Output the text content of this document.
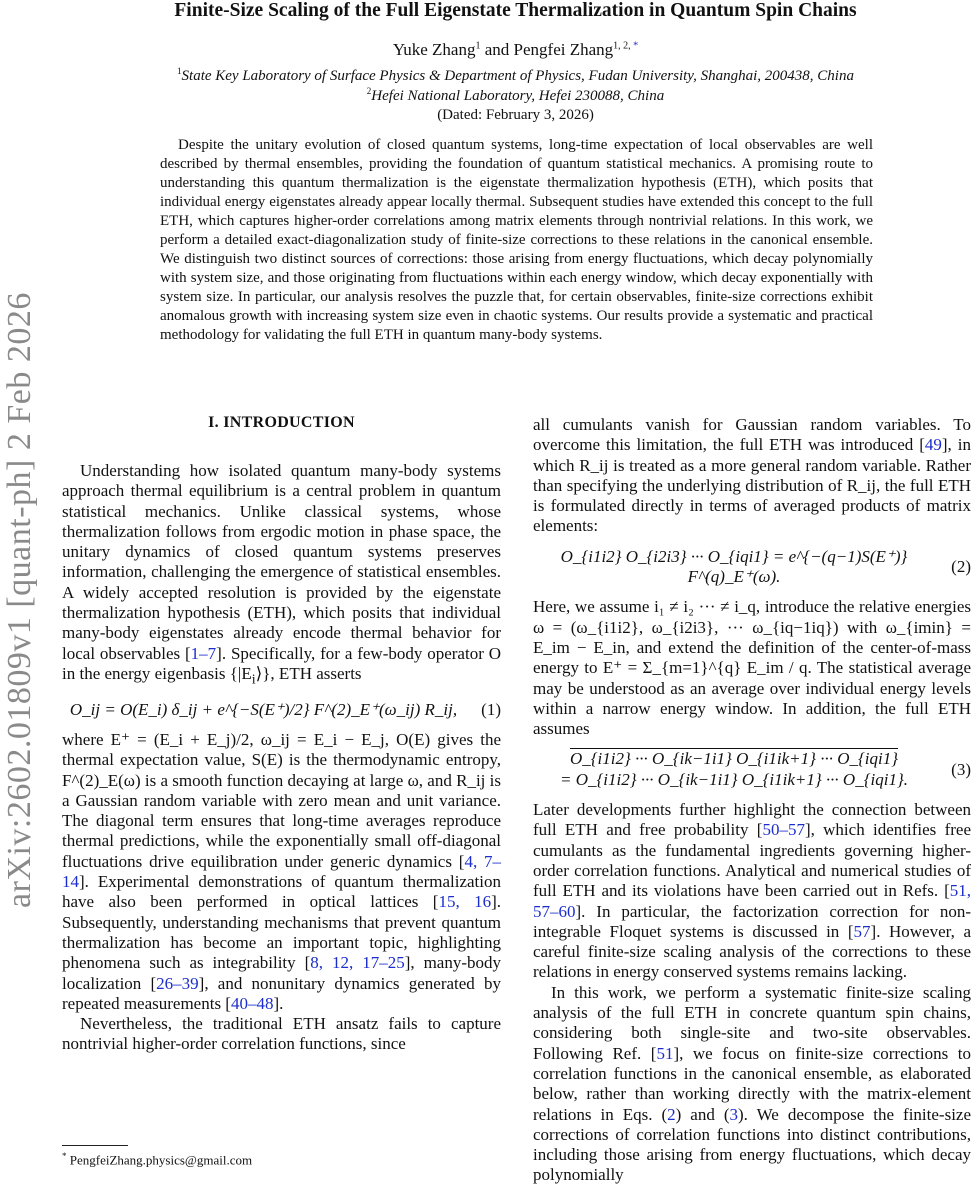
arXiv:2602.01809v1 [quant-ph] 2 Feb 2026
Finite-Size Scaling of the Full Eigenstate Thermalization in Quantum Spin Chains
Yuke Zhang$^1$ and Pengfei Zhang$^{1, 2, *}$
$^1$State Key Laboratory of Surface Physics & Department of Physics, Fudan University, Shanghai, 200438, China
$^2$Hefei National Laboratory, Hefei 230088, China
(Dated: February 3, 2026)
Despite the unitary evolution of closed quantum systems, long-time expectation of local observables are well described by thermal ensembles, providing the foundation of quantum statistical mechanics. A promising route to understanding this quantum thermalization is the eigenstate thermalization hypothesis (ETH), which posits that individual energy eigenstates already appear locally thermal. Subsequent studies have extended this concept to the full ETH, which captures higher-order correlations among matrix elements through nontrivial relations. In this work, we perform a detailed exact-diagonalization study of finite-size corrections to these relations in the canonical ensemble. We distinguish two distinct sources of corrections: those arising from energy fluctuations, which decay polynomially with system size, and those originating from fluctuations within each energy window, which decay exponentially with system size. In particular, our analysis resolves the puzzle that, for certain observables, finite-size corrections exhibit anomalous growth with increasing system size even in chaotic systems. Our results provide a systematic and practical methodology for validating the full ETH in quantum many-body systems.
I. INTRODUCTION

Understanding how isolated quantum many-body systems approach thermal equilibrium is a central problem in quantum statistical mechanics. Unlike classical systems, whose thermalization follows from ergodic motion in phase space, the unitary dynamics of closed quantum systems preserves information, challenging the emergence of statistical ensembles. A widely accepted resolution is provided by the eigenstate thermalization hypothesis (ETH), which posits that individual many-body eigenstates already encode thermal behavior for local observables [1–7]. Specifically, for a few-body operator O in the energy eigenbasis $\{|E_i⟩\}$, ETH asserts

O_ij = O(E_i) δ_ij + e^{−S(E⁺)/2} F^(2)_E⁺(ω_ij) R_ij,	(1)

where E⁺ = (E_i + E_j)/2, ω_ij = E_i − E_j, O(E) gives the thermal expectation value, S(E) is the thermodynamic entropy, F^(2)_E(ω) is a smooth function decaying at large ω, and R_ij is a Gaussian random variable with zero mean and unit variance. The diagonal term ensures that long-time averages reproduce thermal predictions, while the exponentially small off-diagonal fluctuations drive equilibration under generic dynamics [4, 7–14]. Experimental demonstrations of quantum thermalization have also been performed in optical lattices [15, 16]. Subsequently, understanding mechanisms that prevent quantum thermalization has become an important topic, highlighting phenomena such as integrability [8, 12, 17–25], many-body localization [26–39], and nonunitary dynamics generated by repeated measurements [40–48].

Nevertheless, the traditional ETH ansatz fails to capture nontrivial higher-order correlation functions, since

all cumulants vanish for Gaussian random variables. To overcome this limitation, the full ETH was introduced [49], in which R_ij is treated as a more general random variable. Rather than specifying the underlying distribution of R_ij, the full ETH is formulated directly in terms of averaged products of matrix elements:

O_{i1i2} O_{i2i3} ··· O_{iqi1} = e^{−(q−1)S(E⁺)} F^(q)_E⁺(ω).
(2)

Here, we assume i₁ ≠ i₂ ··· ≠ i_q, introduce the relative energies ω = (ω_{i1i2}, ω_{i2i3}, ··· ω_{iq−1iq}) with ω_{imin} = E_im − E_in, and extend the definition of the center-of-mass energy to E⁺ = Σ_{m=1}^{q} E_im / q. The statistical average may be understood as an average over individual energy levels within a narrow energy window. In addition, the full ETH assumes

O_{i1i2} ··· O_{ik−1i1} O_{i1ik+1} ··· O_{iqi1}
= O_{i1i2} ··· O_{ik−1i1} O_{i1ik+1} ··· O_{iqi1}.
(3)

Later developments further highlight the connection between full ETH and free probability [50–57], which identifies free cumulants as the fundamental ingredients governing higher-order correlation functions. Analytical and numerical studies of full ETH and its violations have been carried out in Refs. [51, 57–60]. In particular, the factorization correction for non-integrable Floquet systems is discussed in [57]. However, a careful finite-size scaling analysis of the corrections to these relations in energy conserved systems remains lacking.

In this work, we perform a systematic finite-size scaling analysis of the full ETH in concrete quantum spin chains, considering both single-site and two-site observables. Following Ref. [51], we focus on finite-size corrections to correlation functions in the canonical ensemble, as elaborated below, rather than working directly with the matrix-element relations in Eqs. (2) and (3). We decompose the finite-size corrections of correlation functions into distinct contributions, including those arising from energy fluctuations, which decay polynomially

* PengfeiZhang.physics@gmail.com
